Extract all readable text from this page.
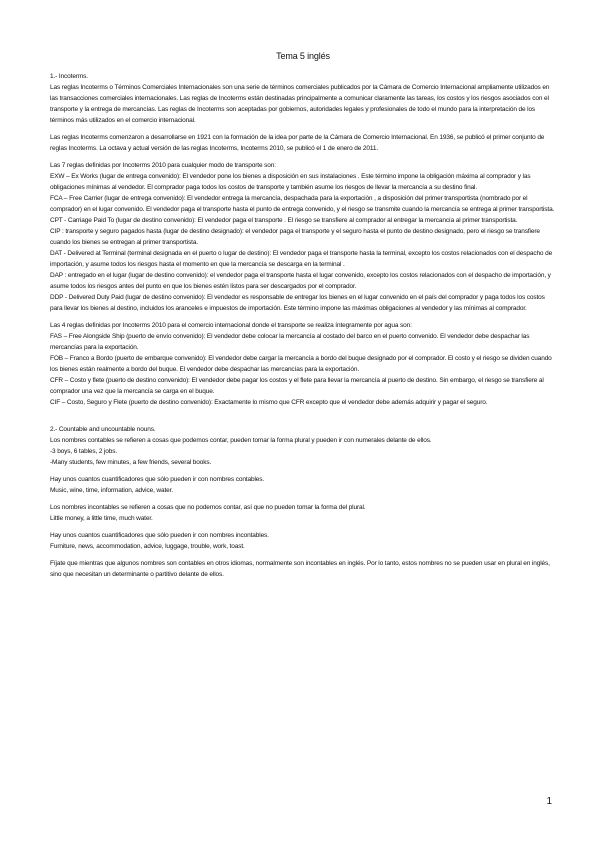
Tema 5 inglés

1.- Incoterms.

Las reglas Incoterms o Términos Comerciales Internacionales son una serie de términos comerciales publicados por la Cámara de Comercio Internacional ampliamente utilizados en las transacciones comerciales internacionales. Las reglas de Incoterms están destinadas principalmente a comunicar claramente las tareas, los costos y los riesgos asociados con el transporte y la entrega de mercancías. Las reglas de Incoterms son aceptadas por gobiernos, autoridades legales y profesionales de todo el mundo para la interpretación de los términos más utilizados en el comercio internacional.

Las reglas Incoterms comenzaron a desarrollarse en 1921 con la formación de la idea por parte de la Cámara de Comercio Internacional. En 1936, se publicó el primer conjunto de reglas Incoterms. La octava y actual versión de las reglas Incoterms, Incoterms 2010, se publicó el 1 de enero de 2011.

Las 7 reglas definidas por Incoterms 2010 para cualquier modo de transporte son:

EXW – Ex Works (lugar de entrega convenido): El vendedor pone los bienes a disposición en sus instalaciones . Este término impone la obligación máxima al comprador y las obligaciones mínimas al vendedor. El comprador paga todos los costos de transporte y también asume los riesgos de llevar la mercancía a su destino final.

FCA – Free Carrier (lugar de entrega convenido): El vendedor entrega la mercancía, despachada para la exportación , a disposición del primer transportista (nombrado por el comprador) en el lugar convenido. El vendedor paga el transporte hasta el punto de entrega convenido, y el riesgo se transmite cuando la mercancía se entrega al primer transportista.

CPT - Carriage Paid To (lugar de destino convenido): El vendedor paga el transporte . El riesgo se transfiere al comprador al entregar la mercancía al primer transportista.

CIP : transporte y seguro pagados hasta (lugar de destino designado): el vendedor paga el transporte y el seguro hasta el punto de destino designado, pero el riesgo se transfiere cuando los bienes se entregan al primer transportista.

DAT - Delivered at Terminal (terminal designada en el puerto o lugar de destino): El vendedor paga el transporte hasta la terminal, excepto los costos relacionados con el despacho de importación, y asume todos los riesgos hasta el momento en que la mercancía se descarga en la terminal .

DAP : entregado en el lugar (lugar de destino convenido): el vendedor paga el transporte hasta el lugar convenido, excepto los costos relacionados con el despacho de importación, y asume todos los riesgos antes del punto en que los bienes estén listos para ser descargados por el comprador.

DDP - Delivered Duty Paid (lugar de destino convenido): El vendedor es responsable de entregar los bienes en el lugar convenido en el país del comprador y paga todos los costos para llevar los bienes al destino, incluidos los aranceles e impuestos de importación. Este término impone las máximas obligaciones al vendedor y las mínimas al comprador.

Las 4 reglas definidas por Incoterms 2010 para el comercio internacional donde el transporte se realiza íntegramente por agua son:

FAS – Free Alongside Ship (puerto de envío convenido): El vendedor debe colocar la mercancía al costado del barco en el puerto convenido. El vendedor debe despachar las mercancías para la exportación.

FOB – Franco a Bordo (puerto de embarque convenido): El vendedor debe cargar la mercancía a bordo del buque designado por el comprador. El costo y el riesgo se dividen cuando los bienes están realmente a bordo del buque. El vendedor debe despachar las mercancías para la exportación.

CFR – Costo y flete (puerto de destino convenido): El vendedor debe pagar los costos y el flete para llevar la mercancía al puerto de destino. Sin embargo, el riesgo se transfiere al comprador una vez que la mercancía se carga en el buque.

CIF – Costo, Seguro y Flete (puerto de destino convenido): Exactamente lo mismo que CFR excepto que el vendedor debe además adquirir y pagar el seguro.

2.- Countable and uncountable nouns.

Los nombres contables se refieren a cosas que podemos contar, pueden tomar la forma plural y pueden ir con numerales delante de ellos.

-3 boys, 6 tables, 2 jobs.

-Many students, few minutes, a few friends, several books.

Hay unos cuantos cuantificadores que sólo pueden ir con nombres contables.

Music, wine, time, information, advice, water.

Los nombres incontables se refieren a cosas que no podemos contar, así que no pueden tomar la forma del plural.

Little money, a little time, much water.

Hay unos cuantos cuantificadores que sólo pueden ir con nombres incontables.

Furniture, news, accommodation, advice, luggage, trouble, work, toast.

Fíjate que mientras que algunos nombres son contables en otros idiomas, normalmente son incontables en inglés. Por lo tanto, estos nombres no se pueden usar en plural en inglés, sino que necesitan un determinante o partitivo delante de ellos.

1
